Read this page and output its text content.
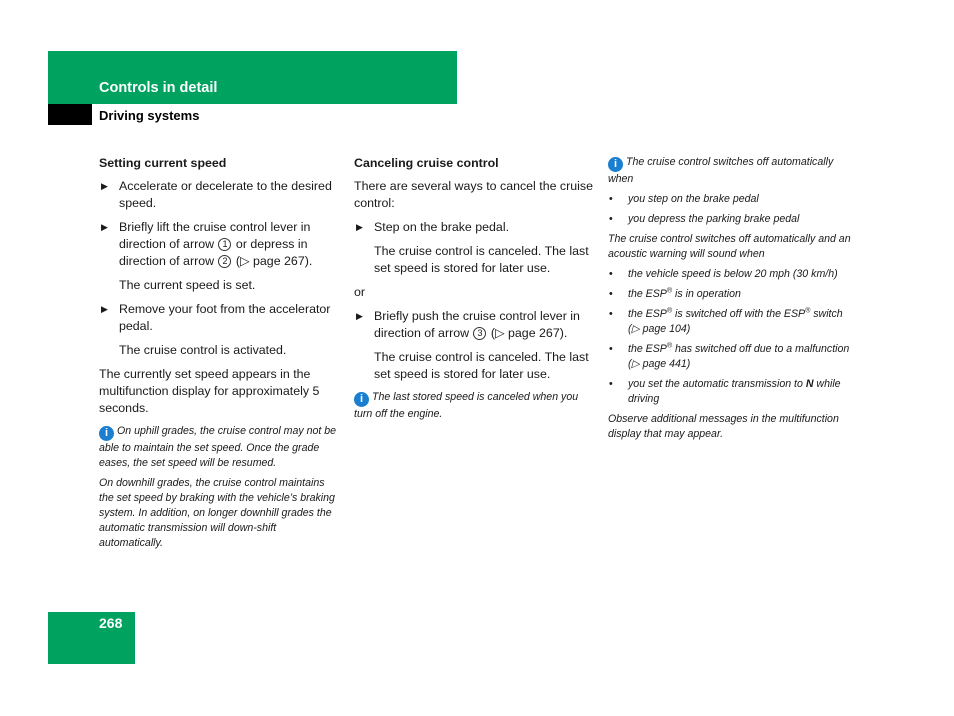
Controls in detail
Driving systems

Setting current speed

▶ Accelerate or decelerate to the desired speed.
▶ Briefly lift the cruise control lever in direction of arrow 1 or depress in direction of arrow 2 (▷ page 267).

The current speed is set.

▶ Remove your foot from the accelerator pedal.

The cruise control is activated.

The currently set speed appears in the multifunction display for approximately 5 seconds.

i On uphill grades, the cruise control may not be able to maintain the set speed. Once the grade eases, the set speed will be resumed.

On downhill grades, the cruise control maintains the set speed by braking with the vehicle’s braking system. In addition, on longer downhill grades the automatic transmission will down-shift automatically.

Canceling cruise control

There are several ways to cancel the cruise control:

▶ Step on the brake pedal.

The cruise control is canceled. The last set speed is stored for later use.

or

▶ Briefly push the cruise control lever in direction of arrow 3 (▷ page 267).

The cruise control is canceled. The last set speed is stored for later use.

i The last stored speed is canceled when you turn off the engine.

i The cruise control switches off automatically when

• you step on the brake pedal
• you depress the parking brake pedal

The cruise control switches off automatically and an acoustic warning will sound when

• the vehicle speed is below 20 mph (30 km/h)
• the ESP® is in operation
• the ESP® is switched off with the ESP® switch (▷ page 104)
• the ESP® has switched off due to a malfunction (▷ page 441)
• you set the automatic transmission to N while driving

Observe additional messages in the multifunction display that may appear.

268
